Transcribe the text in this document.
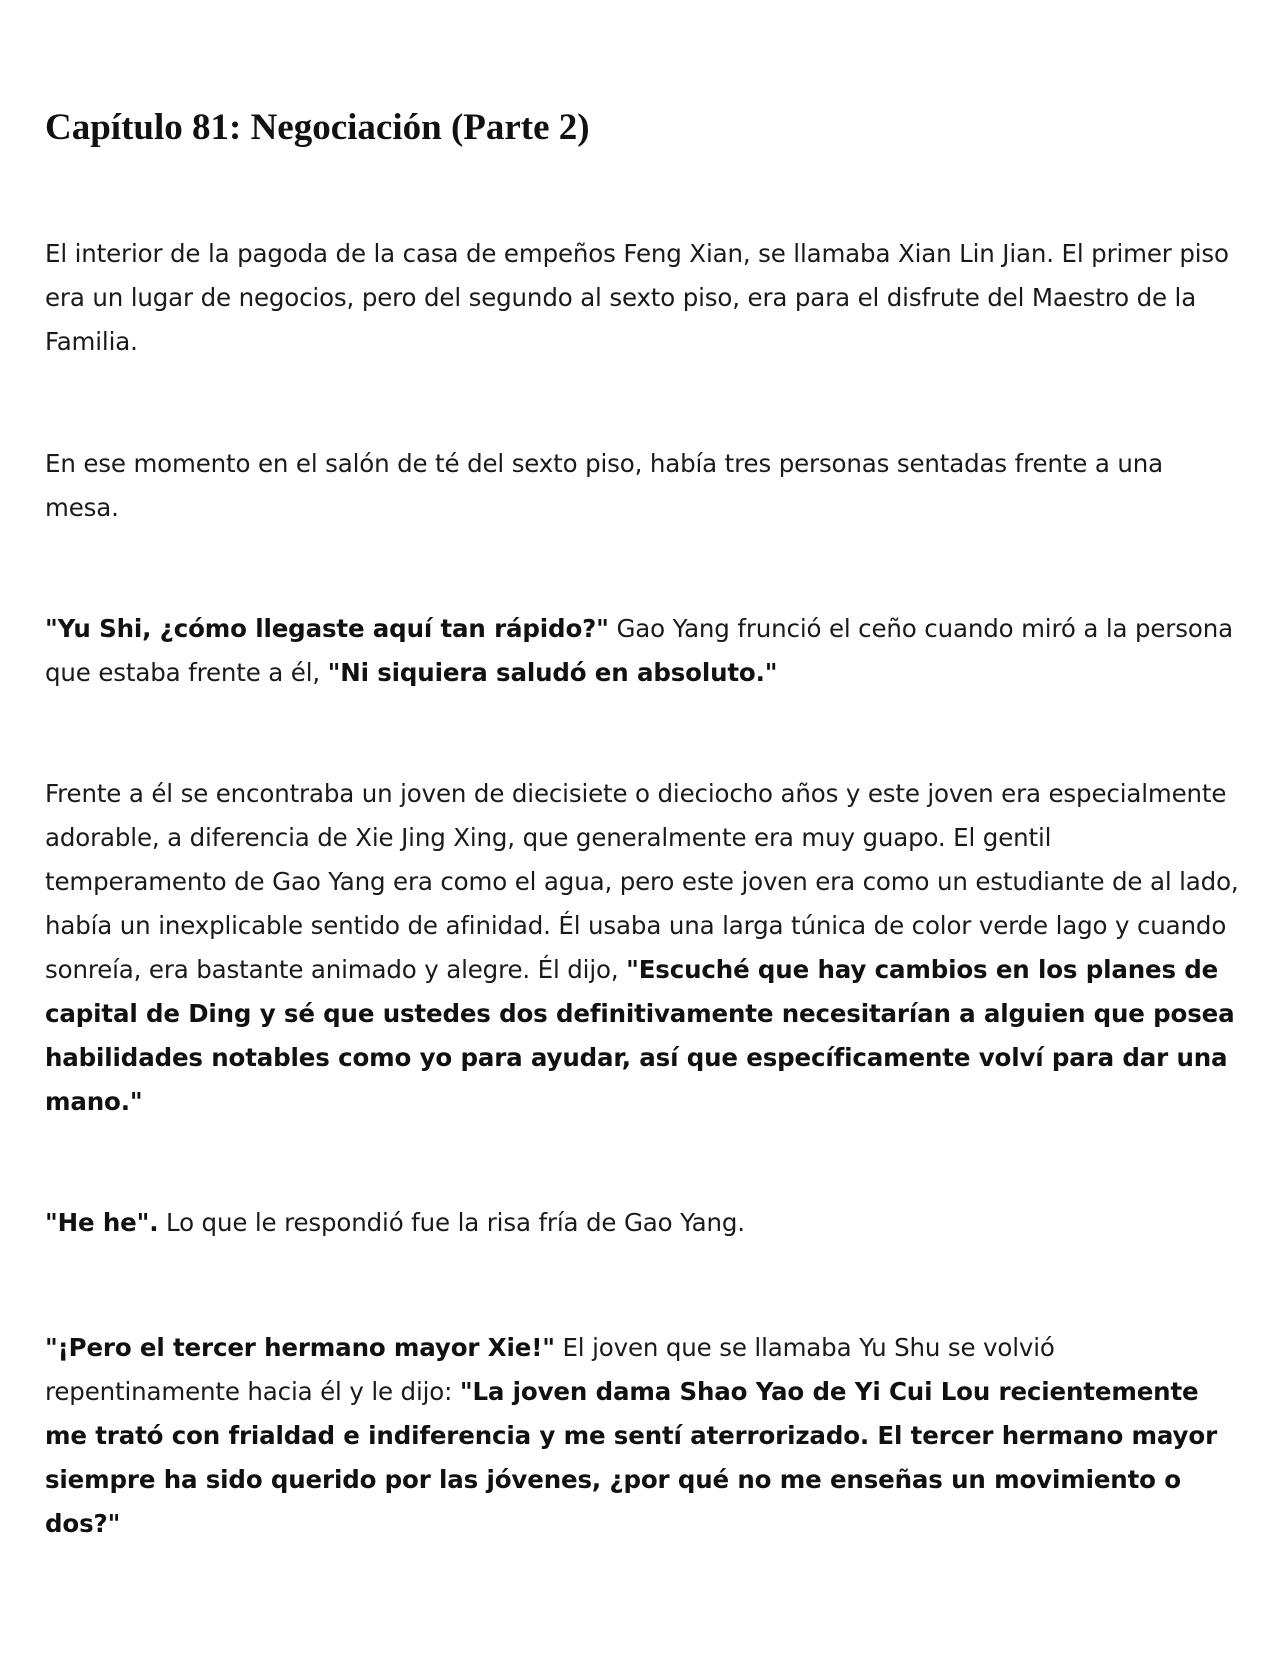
Capítulo 81: Negociación (Parte 2)

El interior de la pagoda de la casa de empeños Feng Xian, se llamaba Xian Lin Jian. El primer piso era un lugar de negocios, pero del segundo al sexto piso, era para el disfrute del Maestro de la Familia.

En ese momento en el salón de té del sexto piso, había tres personas sentadas frente a una mesa.

"Yu Shi, ¿cómo llegaste aquí tan rápido?" Gao Yang frunció el ceño cuando miró a la persona que estaba frente a él, "Ni siquiera saludó en absoluto."

Frente a él se encontraba un joven de diecisiete o dieciocho años y este joven era especialmente adorable, a diferencia de Xie Jing Xing, que generalmente era muy guapo. El gentil temperamento de Gao Yang era como el agua, pero este joven era como un estudiante de al lado, había un inexplicable sentido de afinidad. Él usaba una larga túnica de color verde lago y cuando sonreía, era bastante animado y alegre. Él dijo, "Escuché que hay cambios en los planes de capital de Ding y sé que ustedes dos definitivamente necesitarían a alguien que posea habilidades notables como yo para ayudar, así que específicamente volví para dar una mano."

"He he". Lo que le respondió fue la risa fría de Gao Yang.

"¡Pero el tercer hermano mayor Xie!" El joven que se llamaba Yu Shu se volvió repentinamente hacia él y le dijo: "La joven dama Shao Yao de Yi Cui Lou recientemente me trató con frialdad e indiferencia y me sentí aterrorizado. El tercer hermano mayor siempre ha sido querido por las jóvenes, ¿por qué no me enseñas un movimiento o dos?"
